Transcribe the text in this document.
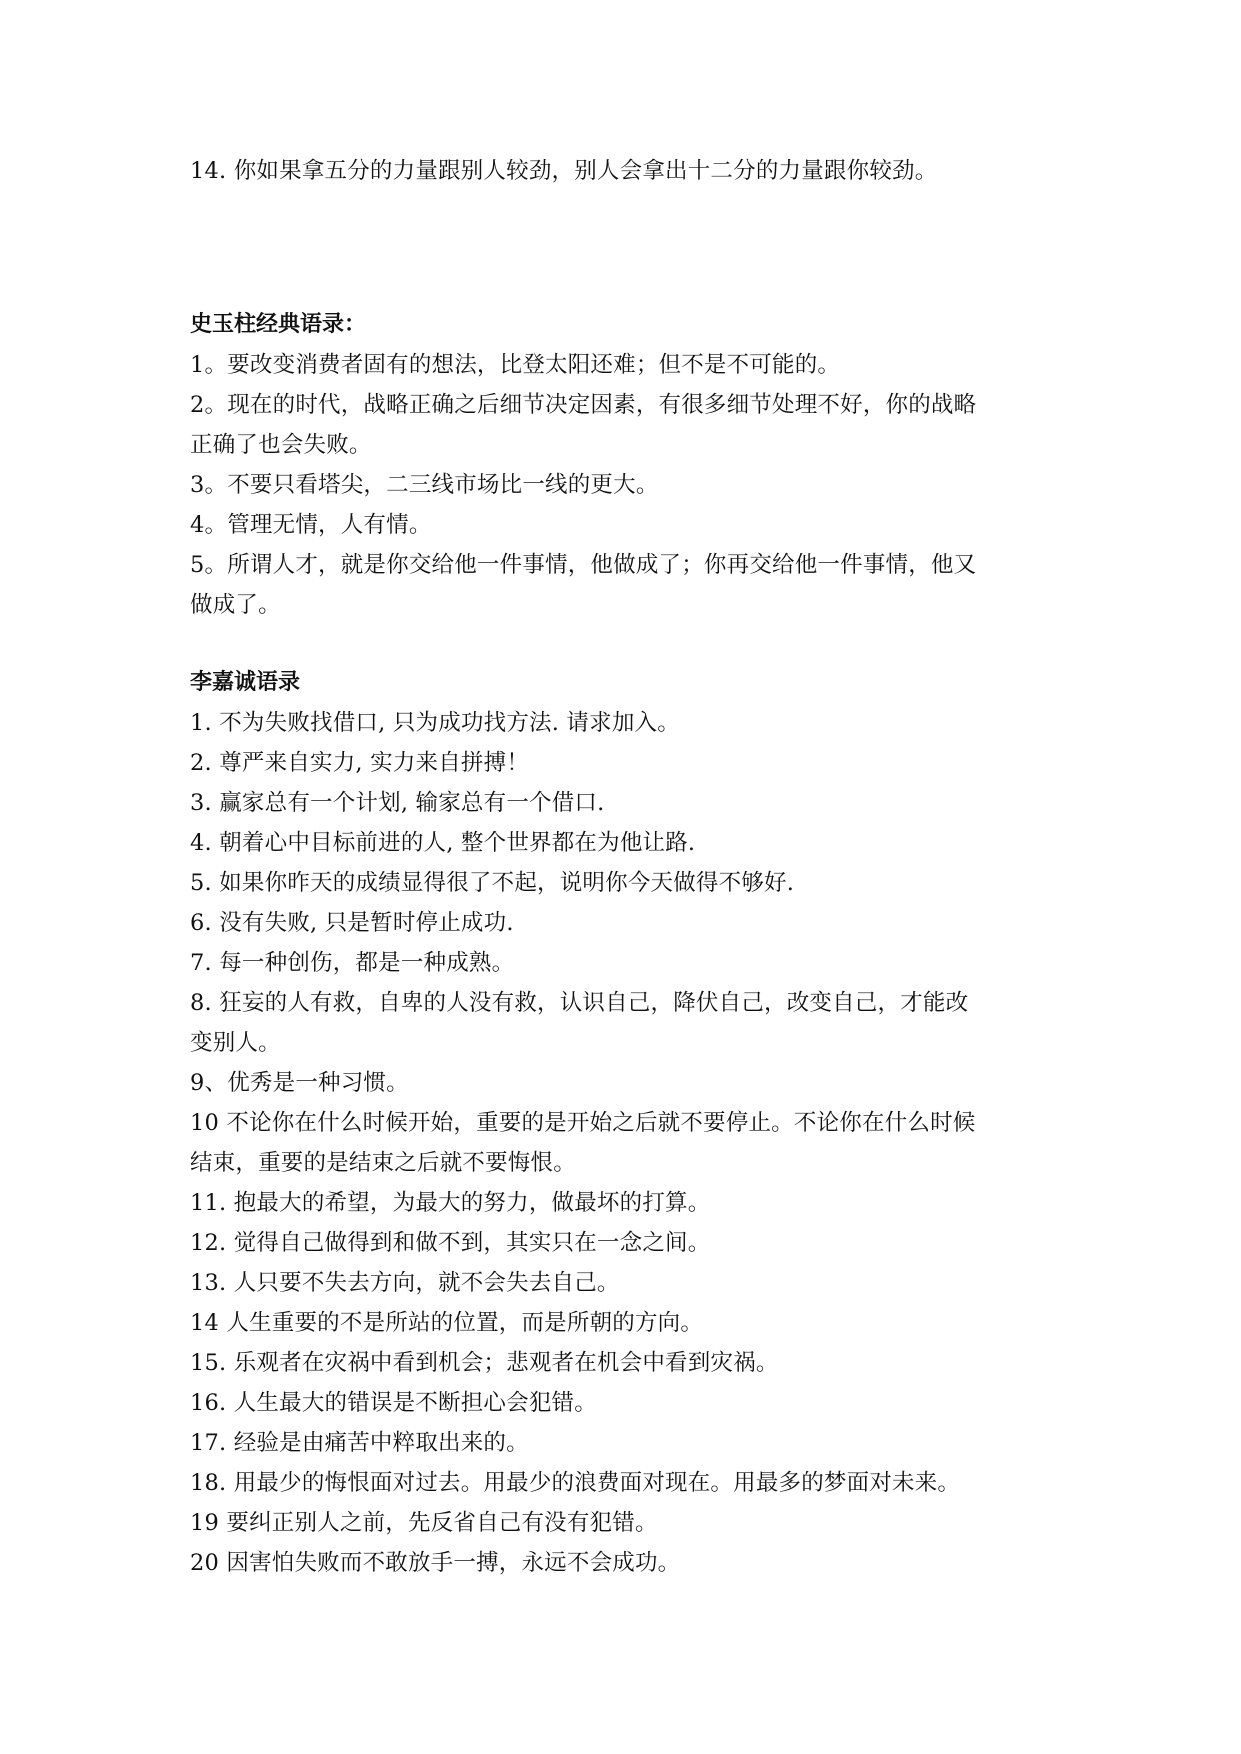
14. 你如果拿五分的力量跟别人较劲，别人会拿出十二分的力量跟你较劲。
史玉柱经典语录：
1。要改变消费者固有的想法，比登太阳还难；但不是不可能的。
2。现在的时代，战略正确之后细节决定因素，有很多细节处理不好，你的战略
正确了也会失败。
3。不要只看塔尖，二三线市场比一线的更大。
4。管理无情，人有情。
5。所谓人才，就是你交给他一件事情，他做成了；你再交给他一件事情，他又
做成了。
李嘉诚语录
1. 不为失败找借口, 只为成功找方法. 请求加入。
2. 尊严来自实力, 实力来自拼搏！
3. 赢家总有一个计划, 输家总有一个借口.
4. 朝着心中目标前进的人, 整个世界都在为他让路.
5. 如果你昨天的成绩显得很了不起，说明你今天做得不够好.
6. 没有失败, 只是暂时停止成功.
7. 每一种创伤，都是一种成熟。
8. 狂妄的人有救，自卑的人没有救，认识自己，降伏自己，改变自己，才能改
变别人。
9、优秀是一种习惯。
10 不论你在什么时候开始，重要的是开始之后就不要停止。不论你在什么时候
结束，重要的是结束之后就不要悔恨。
11. 抱最大的希望，为最大的努力，做最坏的打算。
12. 觉得自己做得到和做不到，其实只在一念之间。
13. 人只要不失去方向，就不会失去自己。
14 人生重要的不是所站的位置，而是所朝的方向。
15. 乐观者在灾祸中看到机会；悲观者在机会中看到灾祸。
16. 人生最大的错误是不断担心会犯错。
17. 经验是由痛苦中粹取出来的。
18. 用最少的悔恨面对过去。用最少的浪费面对现在。用最多的梦面对未来。
19 要纠正别人之前，先反省自己有没有犯错。
20 因害怕失败而不敢放手一搏，永远不会成功。
